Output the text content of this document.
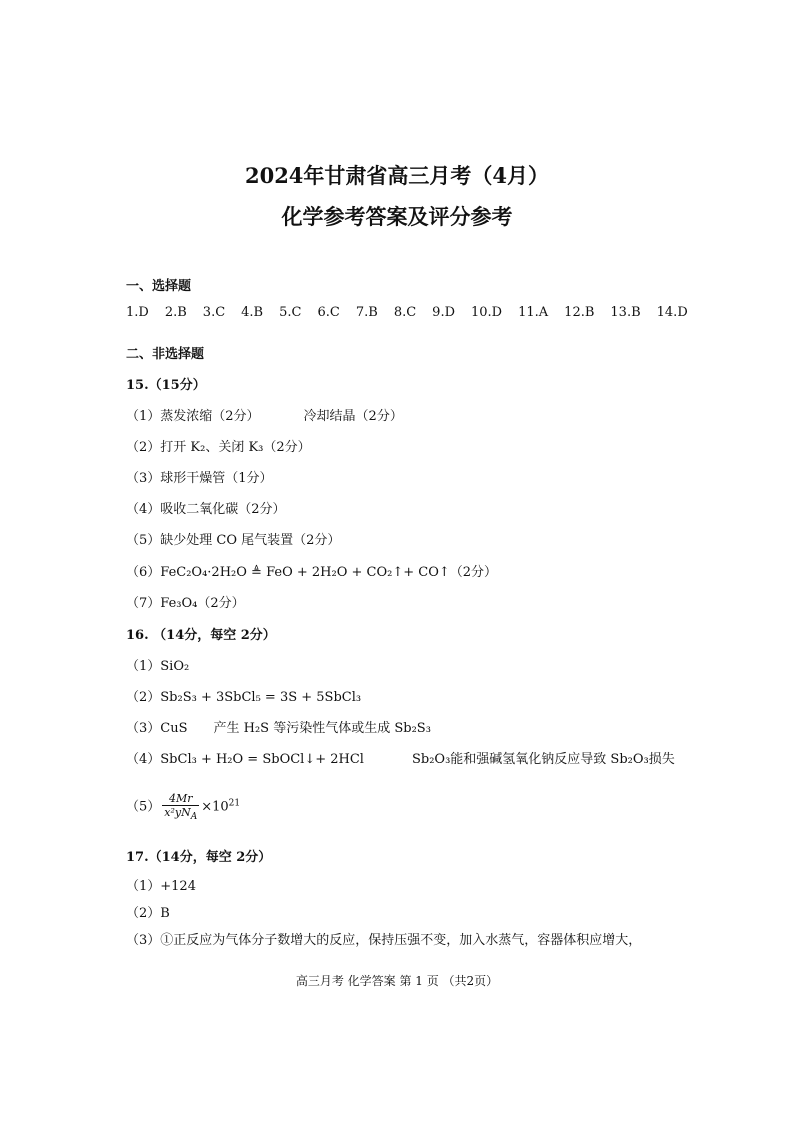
2024年甘肃省高三月考（4月）
化学参考答案及评分参考
一、选择题
1.D 2.B 3.C 4.B 5.C 6.C 7.B 8.C 9.D 10.D 11.A 12.B 13.B 14.D
二、非选择题
15.（15分）
（1）蒸发浓缩（2分）	冷却结晶（2分）
（2）打开 K₂、关闭 K₃（2分）
（3）球形干燥管（1分）
（4）吸收二氧化碳（2分）
（5）缺少处理 CO 尾气装置（2分）
（6）FeC₂O₄·2H₂O ≜ FeO + 2H₂O + CO₂↑+ CO↑（2分）
（7）Fe₃O₄（2分）
16. （14分，每空 2分）
（1）SiO₂
（2）Sb₂S₃ + 3SbCl₅ = 3S + 5SbCl₃
（3）CuS 产生 H₂S 等污染性气体或生成 Sb₂S₃
（4）SbCl₃ + H₂O = SbOCl↓+ 2HCl	Sb₂O₃能和强碱氢氧化钠反应导致 Sb₂O₃损失
$(5) \frac{4Mr}{x^2yN_A} \times 10^{21}$
17.（14分，每空 2分）
（1）+124
（2）B
（3）①正反应为气体分子数增大的反应，保持压强不变，加入水蒸气，容器体积应增大，
高三月考 化学答案 第 1 页 （共2页）
